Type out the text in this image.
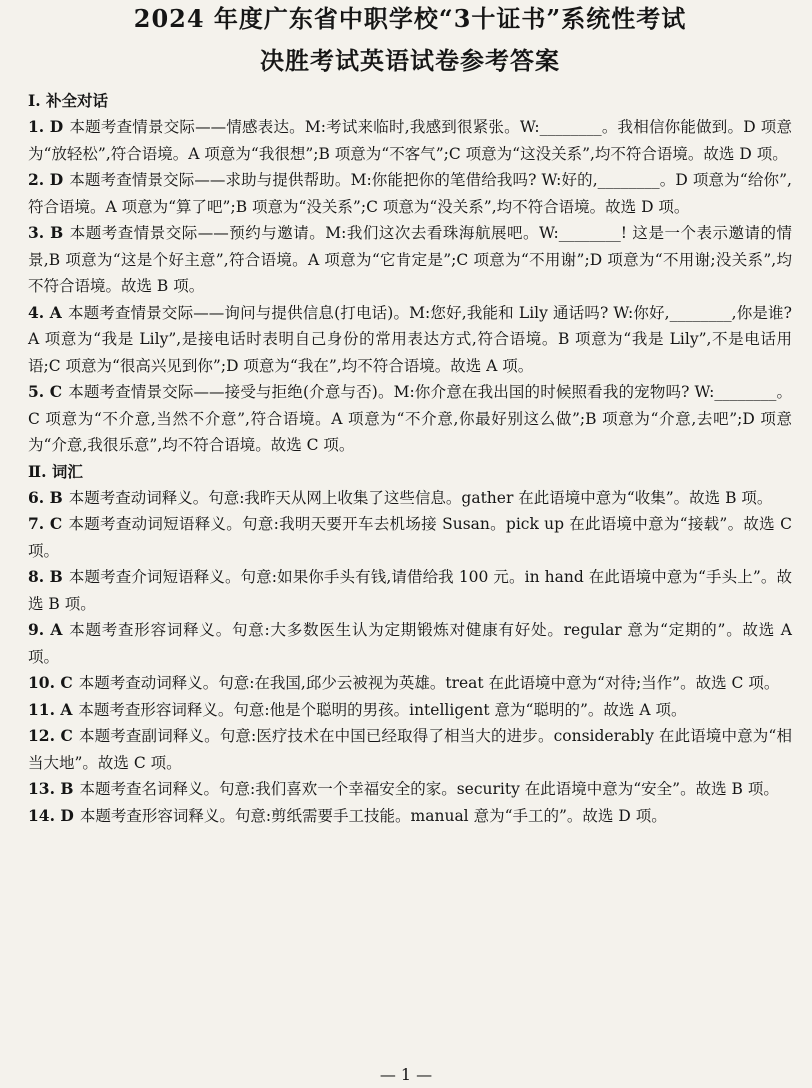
2024 年度广东省中职学校“3十证书”系统性考试
决胜考试英语试卷参考答案

Ⅰ. 补全对话

1. D 本题考查情景交际——情感表达。M:考试来临时,我感到很紧张。W:________。我相信你能做到。D 项意为“放轻松”,符合语境。A 项意为“我很想”;B 项意为“不客气”;C 项意为“这没关系”,均不符合语境。故选 D 项。

2. D 本题考查情景交际——求助与提供帮助。M:你能把你的笔借给我吗? W:好的,________。D 项意为“给你”,符合语境。A 项意为“算了吧”;B 项意为“没关系”;C 项意为“没关系”,均不符合语境。故选 D 项。

3. B 本题考查情景交际——预约与邀请。M:我们这次去看珠海航展吧。W:________! 这是一个表示邀请的情景,B 项意为“这是个好主意”,符合语境。A 项意为“它肯定是”;C 项意为“不用谢”;D 项意为“不用谢;没关系”,均不符合语境。故选 B 项。

4. A 本题考查情景交际——询问与提供信息(打电话)。M:您好,我能和 Lily 通话吗? W:你好,________,你是谁? A 项意为“我是 Lily”,是接电话时表明自己身份的常用表达方式,符合语境。B 项意为“我是 Lily”,不是电话用语;C 项意为“很高兴见到你”;D 项意为“我在”,均不符合语境。故选 A 项。

5. C 本题考查情景交际——接受与拒绝(介意与否)。M:你介意在我出国的时候照看我的宠物吗? W:________。C 项意为“不介意,当然不介意”,符合语境。A 项意为“不介意,你最好别这么做”;B 项意为“介意,去吧”;D 项意为“介意,我很乐意”,均不符合语境。故选 C 项。

Ⅱ. 词汇

6. B 本题考查动词释义。句意:我昨天从网上收集了这些信息。gather 在此语境中意为“收集”。故选 B 项。

7. C 本题考查动词短语释义。句意:我明天要开车去机场接 Susan。pick up 在此语境中意为“接载”。故选 C 项。

8. B 本题考查介词短语释义。句意:如果你手头有钱,请借给我 100 元。in hand 在此语境中意为“手头上”。故选 B 项。

9. A 本题考查形容词释义。句意:大多数医生认为定期锻炼对健康有好处。regular 意为“定期的”。故选 A 项。

10. C 本题考查动词释义。句意:在我国,邱少云被视为英雄。treat 在此语境中意为“对待;当作”。故选 C 项。

11. A 本题考查形容词释义。句意:他是个聪明的男孩。intelligent 意为“聪明的”。故选 A 项。

12. C 本题考查副词释义。句意:医疗技术在中国已经取得了相当大的进步。considerably 在此语境中意为“相当大地”。故选 C 项。

13. B 本题考查名词释义。句意:我们喜欢一个幸福安全的家。security 在此语境中意为“安全”。故选 B 项。

14. D 本题考查形容词释义。句意:剪纸需要手工技能。manual 意为“手工的”。故选 D 项。

— 1 —
